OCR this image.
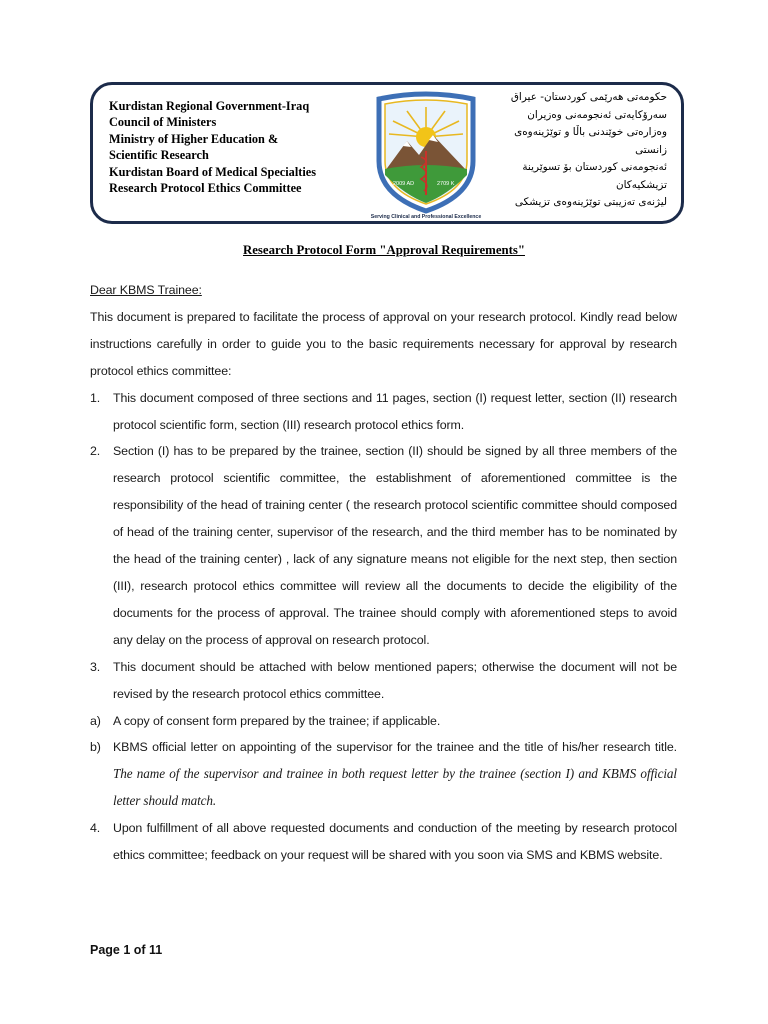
Kurdistan Regional Government-Iraq
Council of Ministers
Ministry of Higher Education &
Scientific Research
Kurdistan Board of Medical Specialties
Research Protocol Ethics Committee	2009 AD	2709 K
Serving Clinical and Professional Excellence
حکومەتی هەرێمی کوردستان- عیراق
سەرۆکایەتی ئەنجومەنی وەزیران
وەزارەتی خوێندنی باڵا و توێژینەوەی
زانستی
ئەنجومەنی کوردستان بۆ تسوێرینة
تزیشکیەکان
لیژنەی تەزیبتی توێژینەوەی تزیشکی
Research Protocol Form "Approval Requirements"
Dear KBMS Trainee:
This document is prepared to facilitate the process of approval on your research protocol. Kindly read below instructions carefully in order to guide you to the basic requirements necessary for approval by research protocol ethics committee:
1. This document composed of three sections and 11 pages, section (I) request letter, section (II) research protocol scientific form, section (III) research protocol ethics form.
2. Section (I) has to be prepared by the trainee, section (II) should be signed by all three members of the research protocol scientific committee, the establishment of aforementioned committee is the responsibility of the head of training center ( the research protocol scientific committee should composed of head of the training center, supervisor of the research, and the third member has to be nominated by the head of the training center) , lack of any signature means not eligible for the next step, then section (III), research protocol ethics committee will review all the documents to decide the eligibility of the documents for the process of approval. The trainee should comply with aforementioned steps to avoid any delay on the process of approval on research protocol.
3. This document should be attached with below mentioned papers; otherwise the document will not be revised by the research protocol ethics committee.
a) A copy of consent form prepared by the trainee; if applicable.
b) KBMS official letter on appointing of the supervisor for the trainee and the title of his/her research title. The name of the supervisor and trainee in both request letter by the trainee (section I) and KBMS official letter should match.
4. Upon fulfillment of all above requested documents and conduction of the meeting by research protocol ethics committee; feedback on your request will be shared with you soon via SMS and KBMS website.
Page 1 of 11
